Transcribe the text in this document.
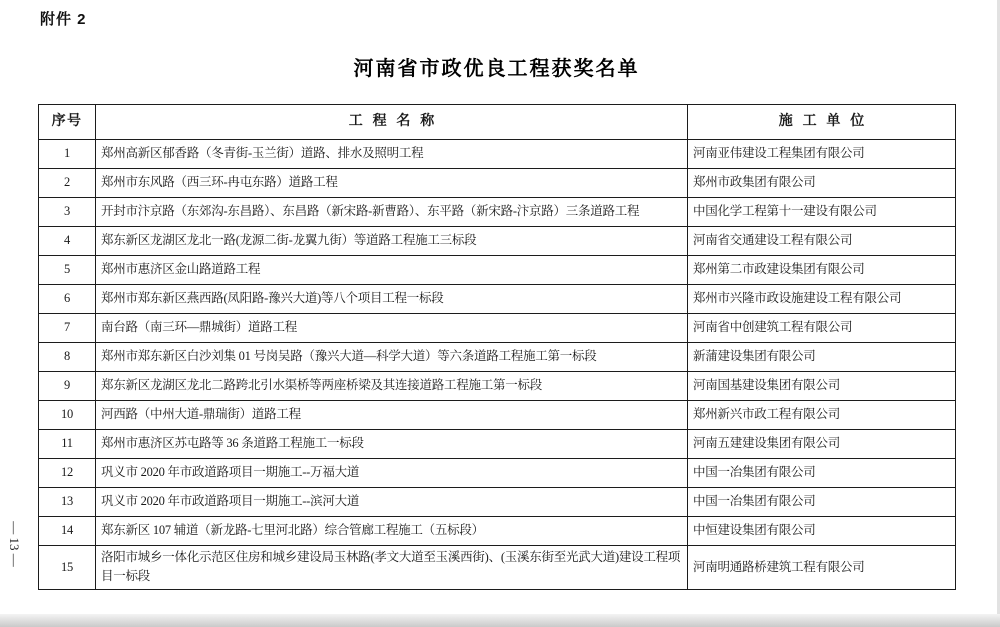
附件 2
河南省市政优良工程获奖名单
序号	工程名称	施工单位
1	郑州高新区郁香路（冬青街-玉兰街）道路、排水及照明工程	河南亚伟建设工程集团有限公司
2	郑州市东风路（西三环-冉屯东路）道路工程	郑州市政集团有限公司
3	开封市汴京路（东郊沟-东昌路）、东昌路（新宋路-新曹路）、东平路（新宋路-汴京路）三条道路工程	中国化学工程第十一建设有限公司
4	郑东新区龙湖区龙北一路(龙源二街-龙翼九街）等道路工程施工三标段	河南省交通建设工程有限公司
5	郑州市惠济区金山路道路工程	郑州第二市政建设集团有限公司
6	郑州市郑东新区燕西路(凤阳路-豫兴大道)等八个项目工程一标段	郑州市兴隆市政设施建设工程有限公司
7	南台路（南三环—鼎城街）道路工程	河南省中创建筑工程有限公司
8	郑州市郑东新区白沙刘集 01 号岗吴路（豫兴大道—科学大道）等六条道路工程施工第一标段	新蒲建设集团有限公司
9	郑东新区龙湖区龙北二路跨北引水渠桥等两座桥梁及其连接道路工程施工第一标段	河南国基建设集团有限公司
10	河西路（中州大道-鼎瑞街）道路工程	郑州新兴市政工程有限公司
11	郑州市惠济区苏屯路等 36 条道路工程施工一标段	河南五建建设集团有限公司
12	巩义市 2020 年市政道路项目一期施工--万福大道	中国一冶集团有限公司
13	巩义市 2020 年市政道路项目一期施工--滨河大道	中国一冶集团有限公司
14	郑东新区 107 辅道（新龙路-七里河北路）综合管廊工程施工（五标段）	中恒建设集团有限公司
15	洛阳市城乡一体化示范区住房和城乡建设局玉林路(孝文大道至玉溪西街)、(玉溪东街至光武大道)建设工程项目一标段	河南明通路桥建筑工程有限公司
— 13 —
